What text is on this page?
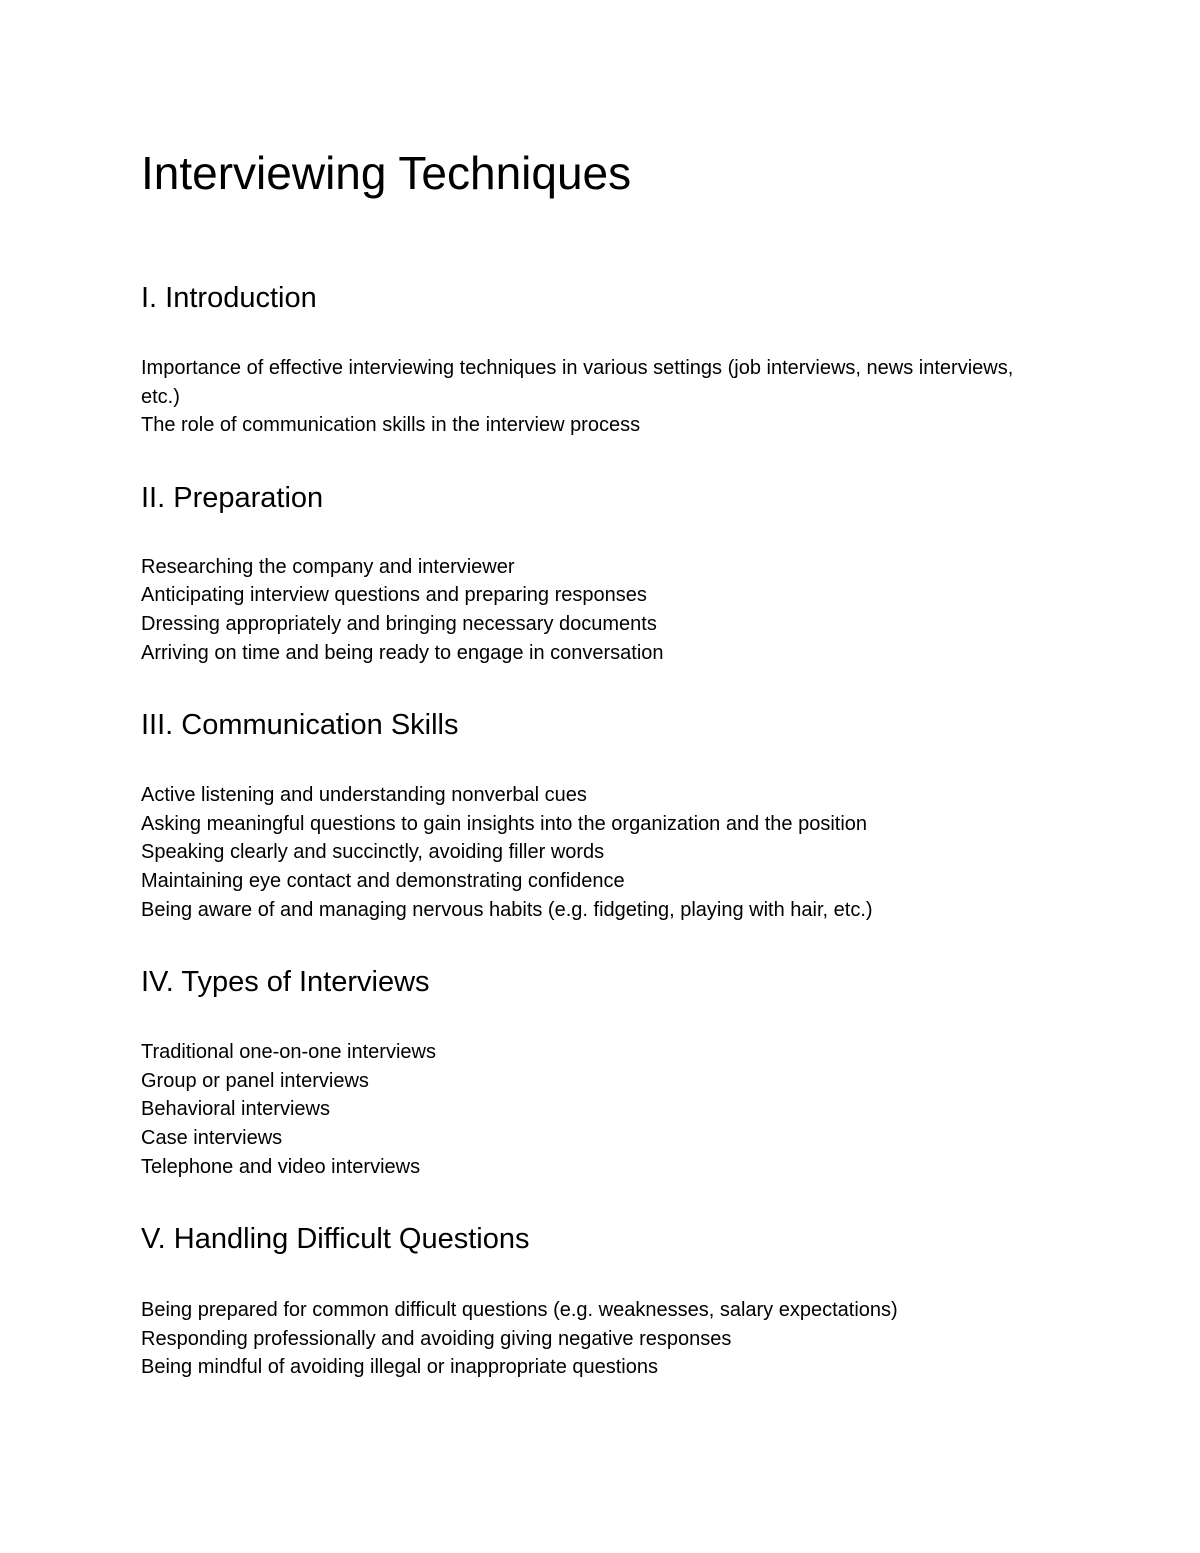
Interviewing Techniques
I. Introduction
Importance of effective interviewing techniques in various settings (job interviews, news interviews, etc.)
The role of communication skills in the interview process
II. Preparation
Researching the company and interviewer
Anticipating interview questions and preparing responses
Dressing appropriately and bringing necessary documents
Arriving on time and being ready to engage in conversation
III. Communication Skills
Active listening and understanding nonverbal cues
Asking meaningful questions to gain insights into the organization and the position
Speaking clearly and succinctly, avoiding filler words
Maintaining eye contact and demonstrating confidence
Being aware of and managing nervous habits (e.g. fidgeting, playing with hair, etc.)
IV. Types of Interviews
Traditional one-on-one interviews
Group or panel interviews
Behavioral interviews
Case interviews
Telephone and video interviews
V. Handling Difficult Questions
Being prepared for common difficult questions (e.g. weaknesses, salary expectations)
Responding professionally and avoiding giving negative responses
Being mindful of avoiding illegal or inappropriate questions
